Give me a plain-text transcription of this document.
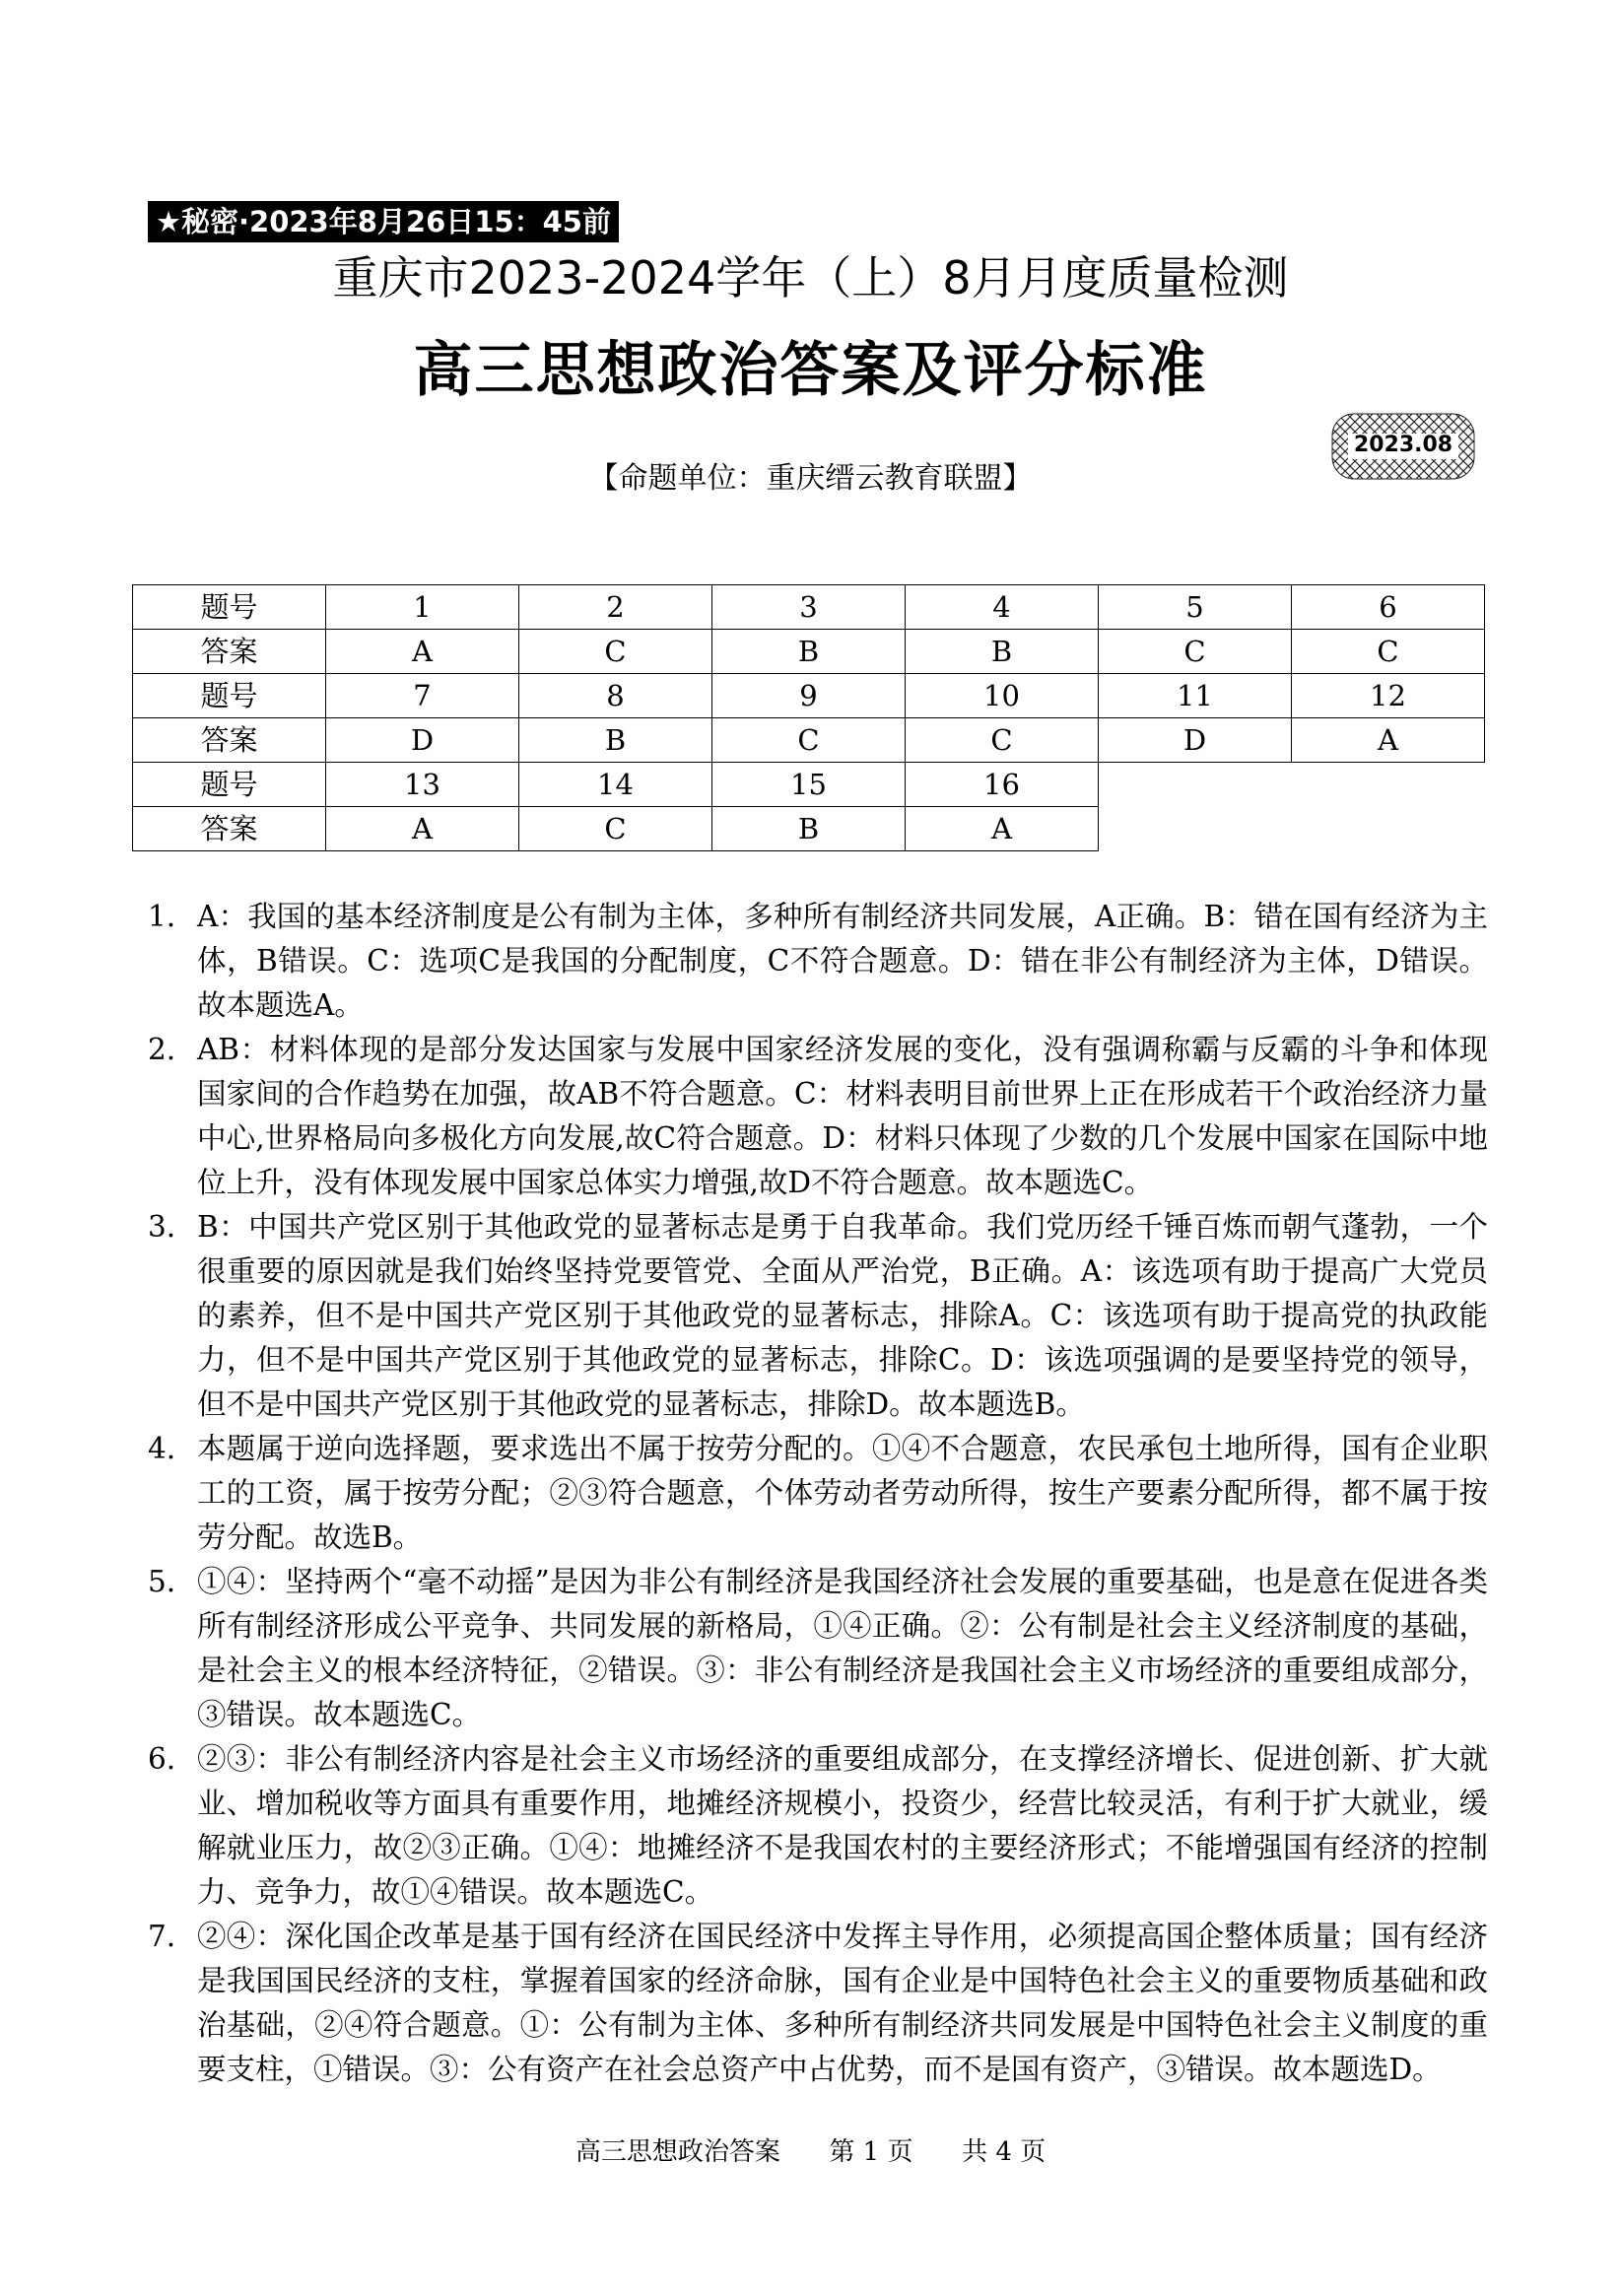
★秘密·2023年8月26日15：45前
重庆市2023-2024学年（上）8月月度质量检测
高三思想政治答案及评分标准
2023.08
【命题单位：重庆缙云教育联盟】
题号	1	2	3	4	5	6
答案	A	C	B	B	C	C
题号	7	8	9	10	11	12
答案	D	B	C	C	D	A
题号	13	14	15	16		
答案	A	C	B	A		
1. A：我国的基本经济制度是公有制为主体，多种所有制经济共同发展，A正确。B：错在国有经济为主体，B错误。C：选项C是我国的分配制度，C不符合题意。D：错在非公有制经济为主体，D错误。故本题选A。
2. AB：材料体现的是部分发达国家与发展中国家经济发展的变化，没有强调称霸与反霸的斗争和体现国家间的合作趋势在加强，故AB不符合题意。C：材料表明目前世界上正在形成若干个政治经济力量中心,世界格局向多极化方向发展,故C符合题意。D：材料只体现了少数的几个发展中国家在国际中地位上升，没有体现发展中国家总体实力增强,故D不符合题意。故本题选C。
3. B：中国共产党区别于其他政党的显著标志是勇于自我革命。我们党历经千锤百炼而朝气蓬勃，一个很重要的原因就是我们始终坚持党要管党、全面从严治党，B正确。A：该选项有助于提高广大党员的素养，但不是中国共产党区别于其他政党的显著标志，排除A。C：该选项有助于提高党的执政能力，但不是中国共产党区别于其他政党的显著标志，排除C。D：该选项强调的是要坚持党的领导，但不是中国共产党区别于其他政党的显著标志，排除D。故本题选B。
4. 本题属于逆向选择题，要求选出不属于按劳分配的。①④不合题意，农民承包土地所得，国有企业职工的工资，属于按劳分配；②③符合题意，个体劳动者劳动所得，按生产要素分配所得，都不属于按劳分配。故选B。
5. ①④：坚持两个“毫不动摇”是因为非公有制经济是我国经济社会发展的重要基础，也是意在促进各类所有制经济形成公平竞争、共同发展的新格局，①④正确。②：公有制是社会主义经济制度的基础，是社会主义的根本经济特征，②错误。③：非公有制经济是我国社会主义市场经济的重要组成部分，③错误。故本题选C。
6. ②③：非公有制经济内容是社会主义市场经济的重要组成部分，在支撑经济增长、促进创新、扩大就业、增加税收等方面具有重要作用，地摊经济规模小，投资少，经营比较灵活，有利于扩大就业，缓解就业压力，故②③正确。①④：地摊经济不是我国农村的主要经济形式；不能增强国有经济的控制力、竞争力，故①④错误。故本题选C。
7. ②④：深化国企改革是基于国有经济在国民经济中发挥主导作用，必须提高国企整体质量；国有经济是我国国民经济的支柱，掌握着国家的经济命脉，国有企业是中国特色社会主义的重要物质基础和政治基础，②④符合题意。①：公有制为主体、多种所有制经济共同发展是中国特色社会主义制度的重要支柱，①错误。③：公有资产在社会总资产中占优势，而不是国有资产，③错误。故本题选D。
高三思想政治答案      第 1 页      共 4 页
